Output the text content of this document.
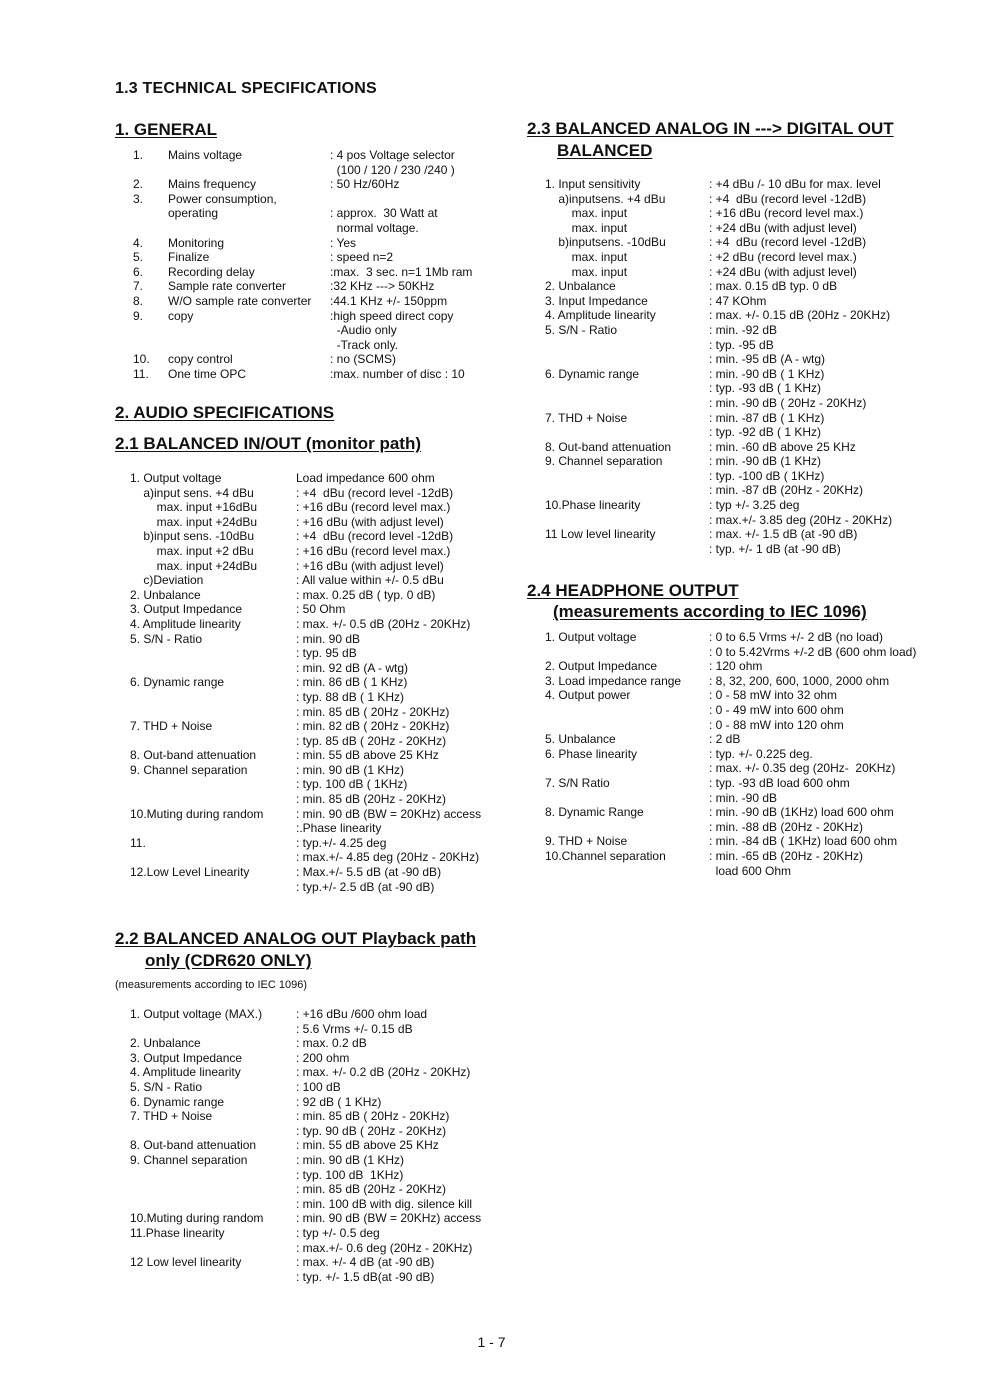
1.3 TECHNICAL SPECIFICATIONS
1. GENERAL
1.	Mains voltage	: 4 pos Voltage selector
(100 / 120 / 230 /240 )
2.	Mains frequency	: 50 Hz/60Hz
3.	Power consumption,
operating	: approx.  30 Watt at
normal voltage.
4.	Monitoring	: Yes
5.	Finalize	: speed n=2
6.	Recording delay	:max.  3 sec. n=1 1Mb ram
7.	Sample rate converter	:32 KHz ---> 50KHz
8.	W/O sample rate converter	:44.1 KHz +/- 150ppm
9.	copy	:high speed direct copy
-Audio only
-Track only.
10.	copy control	: no (SCMS)
11.	One time OPC	:max. number of disc : 10
2. AUDIO SPECIFICATIONS
2.1 BALANCED IN/OUT (monitor path)
1. Output voltage	Load impedance 600 ohm
a)input sens. +4 dBu	: +4  dBu (record level -12dB)
max. input +16dBu	: +16 dBu (record level max.)
max. input +24dBu	: +16 dBu (with adjust level)
b)input sens. -10dBu	: +4  dBu (record level -12dB)
max. input +2 dBu	: +16 dBu (record level max.)
max. input +24dBu	: +16 dBu (with adjust level)
c)Deviation	: All value within +/- 0.5 dBu
2. Unbalance	: max. 0.25 dB ( typ. 0 dB)
3. Output Impedance	: 50 Ohm
4. Amplitude linearity	: max. +/- 0.5 dB (20Hz - 20KHz)
5. S/N - Ratio	: min. 90 dB
: typ. 95 dB
: min. 92 dB (A - wtg)
6. Dynamic range	: min. 86 dB ( 1 KHz)
: typ. 88 dB ( 1 KHz)
: min. 85 dB ( 20Hz - 20KHz)
7. THD + Noise	: min. 82 dB ( 20Hz - 20KHz)
: typ. 85 dB ( 20Hz - 20KHz)
8. Out-band attenuation	: min. 55 dB above 25 KHz
9. Channel separation	: min. 90 dB (1 KHz)
: typ. 100 dB ( 1KHz)
: min. 85 dB (20Hz - 20KHz)
10.Muting during random	: min. 90 dB (BW = 20KHz) access
:.Phase linearity
11.	: typ.+/- 4.25 deg
: max.+/- 4.85 deg (20Hz - 20KHz)
12.Low Level Linearity	: Max.+/- 5.5 dB (at -90 dB)
: typ.+/- 2.5 dB (at -90 dB)
2.2 BALANCED ANALOG OUT Playback path
only (CDR620 ONLY)
(measurements according to IEC 1096)
1. Output voltage (MAX.)	: +16 dBu /600 ohm load
: 5.6 Vrms +/- 0.15 dB
2. Unbalance	: max. 0.2 dB
3. Output Impedance	: 200 ohm
4. Amplitude linearity	: max. +/- 0.2 dB (20Hz - 20KHz)
5. S/N - Ratio	: 100 dB
6. Dynamic range	: 92 dB ( 1 KHz)
7. THD + Noise	: min. 85 dB ( 20Hz - 20KHz)
: typ. 90 dB ( 20Hz - 20KHz)
8. Out-band attenuation	: min. 55 dB above 25 KHz
9. Channel separation	: min. 90 dB (1 KHz)
: typ. 100 dB  1KHz)
: min. 85 dB (20Hz - 20KHz)
: min. 100 dB with dig. silence kill
10.Muting during random	: min. 90 dB (BW = 20KHz) access
11.Phase linearity	: typ +/- 0.5 deg
: max.+/- 0.6 deg (20Hz - 20KHz)
12 Low level linearity	: max. +/- 4 dB (at -90 dB)
: typ. +/- 1.5 dB(at -90 dB)
2.3 BALANCED ANALOG IN ---> DIGITAL OUT
BALANCED
1. Input sensitivity	: +4 dBu /- 10 dBu for max. level
a)inputsens. +4 dBu	: +4  dBu (record level -12dB)
max. input	: +16 dBu (record level max.)
max. input	: +24 dBu (with adjust level)
b)inputsens. -10dBu	: +4  dBu (record level -12dB)
max. input	: +2 dBu (record level max.)
max. input	: +24 dBu (with adjust level)
2. Unbalance	: max. 0.15 dB typ. 0 dB
3. Input Impedance	: 47 KOhm
4. Amplitude linearity	: max. +/- 0.15 dB (20Hz - 20KHz)
5. S/N - Ratio	: min. -92 dB
: typ. -95 dB
: min. -95 dB (A - wtg)
6. Dynamic range	: min. -90 dB ( 1 KHz)
: typ. -93 dB ( 1 KHz)
: min. -90 dB ( 20Hz - 20KHz)
7. THD + Noise	: min. -87 dB ( 1 KHz)
: typ. -92 dB ( 1 KHz)
8. Out-band attenuation	: min. -60 dB above 25 KHz
9. Channel separation	: min. -90 dB (1 KHz)
: typ. -100 dB ( 1KHz)
: min. -87 dB (20Hz - 20KHz)
10.Phase linearity	: typ +/- 3.25 deg
: max.+/- 3.85 deg (20Hz - 20KHz)
11 Low level linearity	: max. +/- 1.5 dB (at -90 dB)
: typ. +/- 1 dB (at -90 dB)
2.4 HEADPHONE OUTPUT
(measurements according to IEC 1096)
1. Output voltage	: 0 to 6.5 Vrms +/- 2 dB (no load)
: 0 to 5.42Vrms +/-2 dB (600 ohm load)
2. Output Impedance	: 120 ohm
3. Load impedance range	: 8, 32, 200, 600, 1000, 2000 ohm
4. Output power	: 0 - 58 mW into 32 ohm
: 0 - 49 mW into 600 ohm
: 0 - 88 mW into 120 ohm
5. Unbalance	: 2 dB
6. Phase linearity	: typ. +/- 0.225 deg.
: max. +/- 0.35 deg (20Hz-  20KHz)
7. S/N Ratio	: typ. -93 dB load 600 ohm
: min. -90 dB
8. Dynamic Range	: min. -90 dB (1KHz) load 600 ohm
: min. -88 dB (20Hz - 20KHz)
9. THD + Noise	: min. -84 dB ( 1KHz) load 600 ohm
10.Channel separation	: min. -65 dB (20Hz - 20KHz)
load 600 Ohm
1 - 7
